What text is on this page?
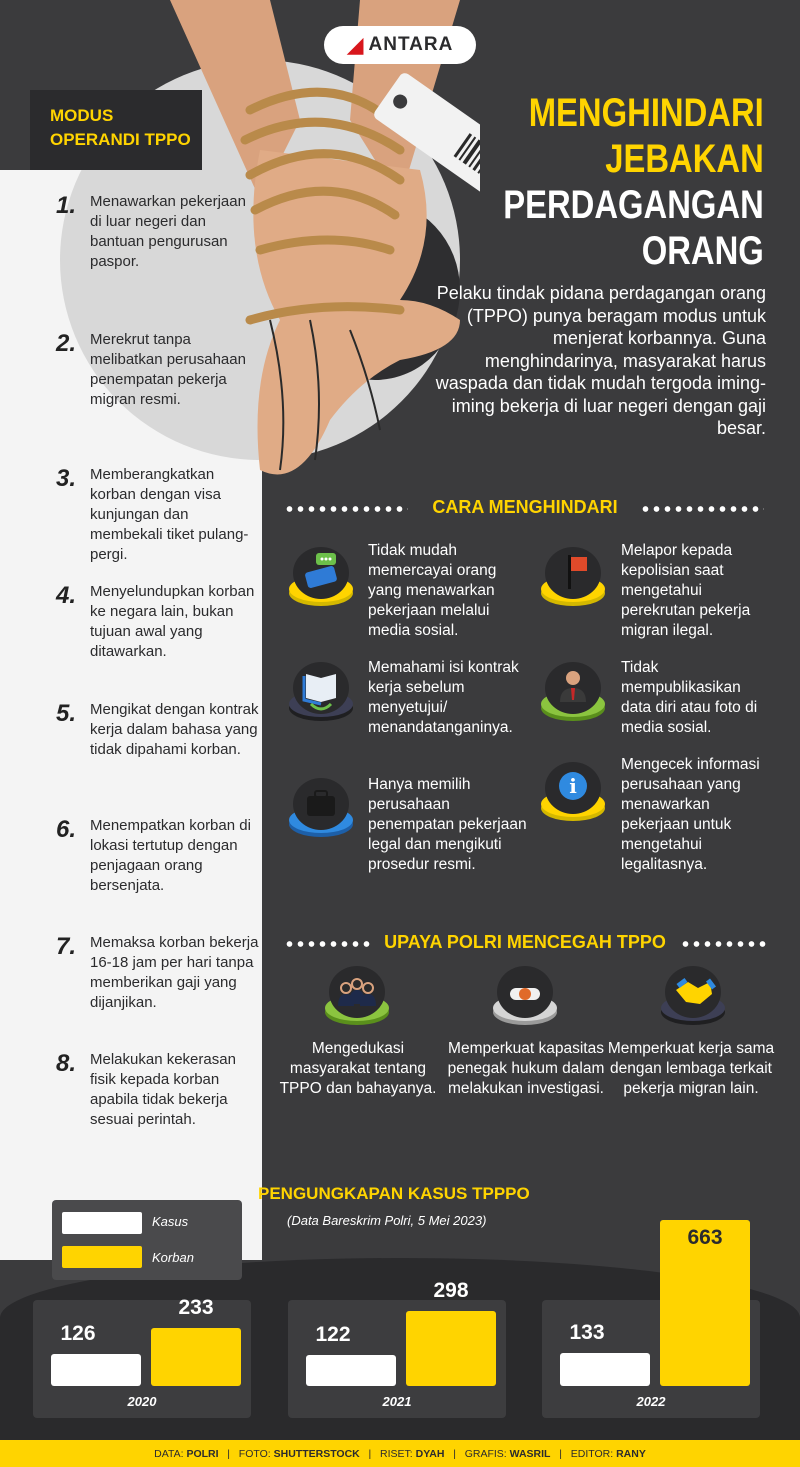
◢ ANTARA
MODUS
OPERANDI TPPO
1. Menawarkan pekerjaan di luar negeri dan bantuan pengurusan paspor.
2. Merekrut tanpa melibatkan perusahaan penempatan pekerja migran resmi.
3. Memberangkatkan korban dengan visa kunjungan dan membekali tiket pulang-pergi.
4. Menyelundupkan korban ke negara lain, bukan tujuan awal yang ditawarkan.
5. Mengikat dengan kontrak kerja dalam bahasa yang tidak dipahami korban.
6. Menempatkan korban di lokasi tertutup dengan penjagaan orang bersenjata.
7. Memaksa korban bekerja 16-18 jam per hari tanpa memberikan gaji yang dijanjikan.
8. Melakukan kekerasan fisik kepada korban apabila tidak bekerja sesuai perintah.
MENGHINDARI
JEBAKAN
PERDAGANGAN
ORANG
Pelaku tindak pidana perdagangan orang (TPPO) punya beragam modus untuk menjerat korbannya. Guna menghindarinya, masyarakat harus waspada dan tidak mudah tergoda iming-iming bekerja di luar negeri dengan gaji besar.
CARA MENGHINDARI
i
Tidak mudah memercayai orang yang menawarkan pekerjaan melalui media sosial.
Melapor kepada kepolisian saat mengetahui perekrutan pekerja migran ilegal.
Memahami isi kontrak kerja sebelum menyetujui/ menandatanganinya.
Tidak mempublikasikan data diri atau foto di media sosial.
Hanya memilih perusahaan penempatan pekerjaan legal dan mengikuti prosedur resmi.
Mengecek informasi perusahaan yang menawarkan pekerjaan untuk mengetahui legalitasnya.
UPAYA POLRI MENCEGAH TPPO
Mengedukasi masyarakat tentang TPPO dan bahayanya.
Memperkuat kapasitas penegak hukum dalam melakukan investigasi.
Memperkuat kerja sama dengan lembaga terkait pekerja migran lain.
PENGUNGKAPAN KASUS TPPPO
(Data Bareskrim Polri, 5 Mei 2023)
Kasus
Korban
126
233
2020
122
298
2021
133
663
2022
DATA:
POLRI
|
FOTO:
SHUTTERSTOCK
|
RISET:
DYAH
|
GRAFIS:
WASRIL
|
EDITOR:
RANY
